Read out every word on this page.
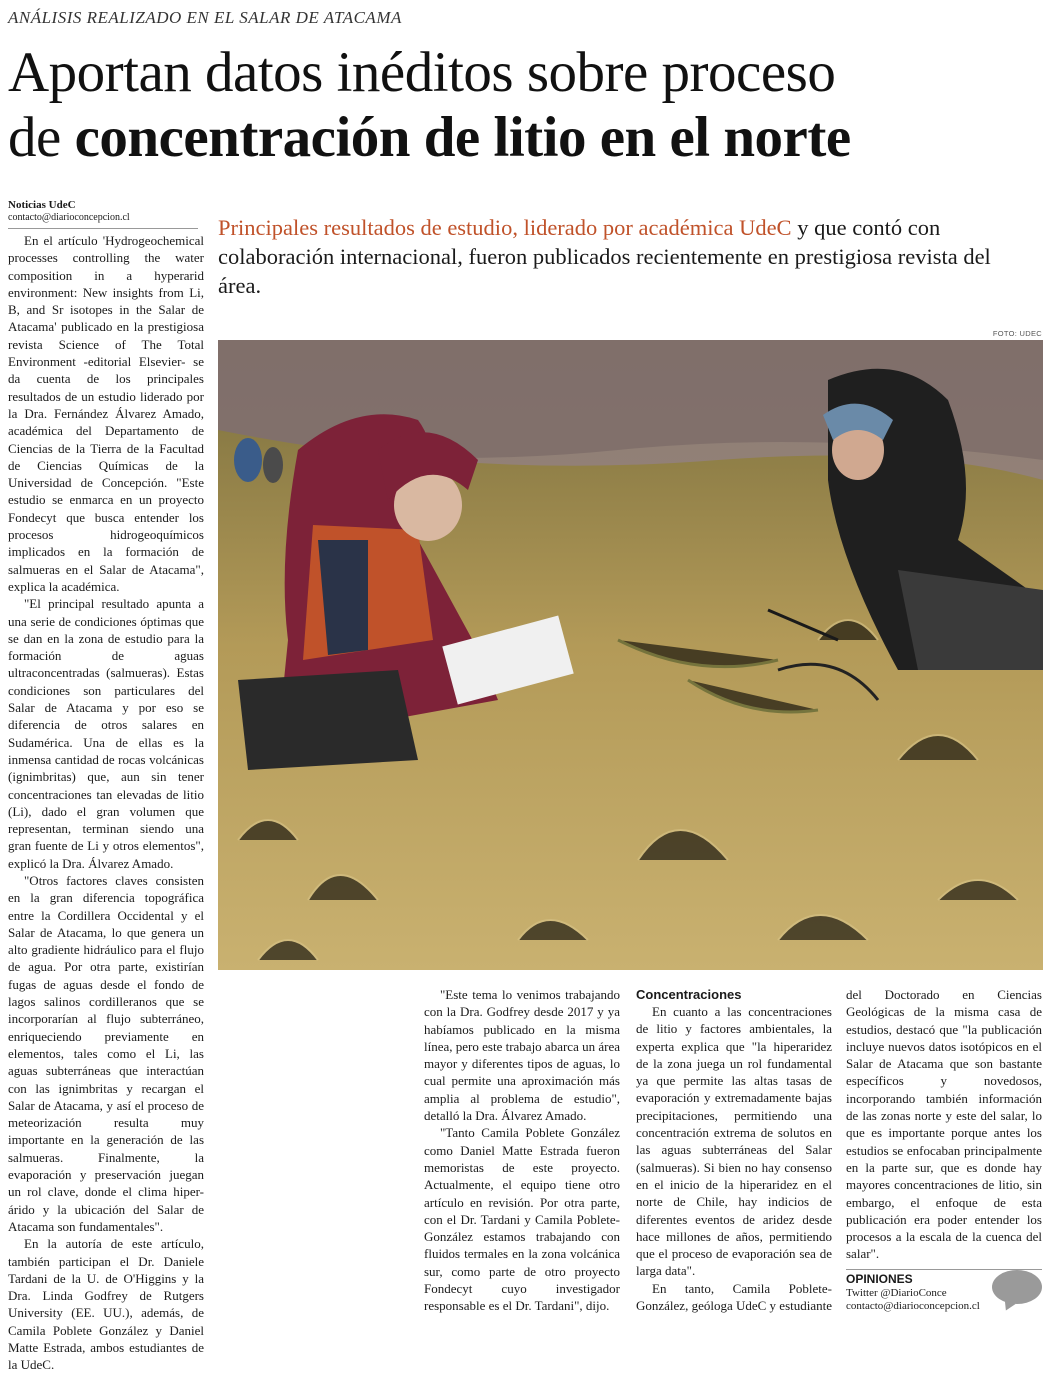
ANÁLISIS REALIZADO EN EL SALAR DE ATACAMA
Aportan datos inéditos sobre proceso
de concentración de litio en el norte
Noticias UdeC
contacto@diarioconcepcion.cl	Principales resultados de estudio, liderado por académica UdeC y que contó con colaboración internacional, fueron publicados recientemente en prestigiosa revista del área.
FOTO: UDEC

En el artículo 'Hydrogeochemical processes controlling the water composition in a hyperarid environment: New insights from Li, B, and Sr isotopes in the Salar de Atacama' publicado en la prestigiosa revista Science of The Total Environment -editorial Elsevier- se da cuenta de los principales resultados de un estudio liderado por la Dra. Fernández Álvarez Amado, académica del Departamento de Ciencias de la Tierra de la Facultad de Ciencias Químicas de la Universidad de Concepción. "Este estudio se enmarca en un proyecto Fondecyt que busca entender los procesos hidrogeoquímicos implicados en la formación de salmueras en el Salar de Atacama", explica la académica.

"El principal resultado apunta a una serie de condiciones óptimas que se dan en la zona de estudio para la formación de aguas ultraconcentradas (salmueras). Estas condiciones son particulares del Salar de Atacama y por eso se diferencia de otros salares en Sudamérica. Una de ellas es la inmensa cantidad de rocas volcánicas (ignimbritas) que, aun sin tener concentraciones tan elevadas de litio (Li), dado el gran volumen que representan, terminan siendo una gran fuente de Li y otros elementos", explicó la Dra. Álvarez Amado.

"Otros factores claves consisten en la gran diferencia topográfica entre la Cordillera Occidental y el Salar de Atacama, lo que genera un alto gradiente hidráulico para el flujo de agua. Por otra parte, existirían fugas de aguas desde el fondo de lagos salinos cordilleranos que se incorporarían al flujo subterráneo, enriqueciendo previamente en elementos, tales como el Li, las aguas subterráneas que interactúan con las ignimbritas y recargan el Salar de Atacama, y así el proceso de meteorización resulta muy importante en la generación de las salmueras. Finalmente, la evaporación y preservación juegan un rol clave, donde el clima hiper-árido y la ubicación del Salar de Atacama son fundamentales".

En la autoría de este artículo, también participan el Dr. Daniele Tardani de la U. de O'Higgins y la Dra. Linda Godfrey de Rutgers University (EE. UU.), además, de Camila Poblete González y Daniel Matte Estrada, ambos estudiantes de la UdeC.

"Este tema lo venimos trabajando con la Dra. Godfrey desde 2017 y ya habíamos publicado en la misma línea, pero este trabajo abarca un área mayor y diferentes tipos de aguas, lo cual permite una aproximación más amplia al problema de estudio", detalló la Dra. Álvarez Amado.

"Tanto Camila Poblete González como Daniel Matte Estrada fueron memoristas de este proyecto. Actualmente, el equipo tiene otro artículo en revisión. Por otra parte, con el Dr. Tardani y Camila Poblete-González estamos trabajando con fluidos termales en la zona volcánica sur, como parte de otro proyecto Fondecyt cuyo investigador responsable es el Dr. Tardani", dijo.

Concentraciones

En cuanto a las concentraciones de litio y factores ambientales, la experta explica que "la hiperaridez de la zona juega un rol fundamental ya que permite las altas tasas de evaporación y extremadamente bajas precipitaciones, permitiendo una concentración extrema de solutos en las aguas subterráneas del Salar (salmueras). Si bien no hay consenso en el inicio de la hiperaridez en el norte de Chile, hay indicios de diferentes eventos de aridez desde hace millones de años, permitiendo que el proceso de evaporación sea de larga data".

En tanto, Camila Poblete-González, geóloga UdeC y estudiante

del Doctorado en Ciencias Geológicas de la misma casa de estudios, destacó que "la publicación incluye nuevos datos isotópicos en el Salar de Atacama que son bastante específicos y novedosos, incorporando también información de las zonas norte y este del salar, lo que es importante porque antes los estudios se enfocaban principalmente en la parte sur, que es donde hay mayores concentraciones de litio, sin embargo, el enfoque de esta publicación era poder entender los procesos a la escala de la cuenca del salar".

OPINIONES
Twitter @DiarioConce
contacto@diarioconcepcion.cl
